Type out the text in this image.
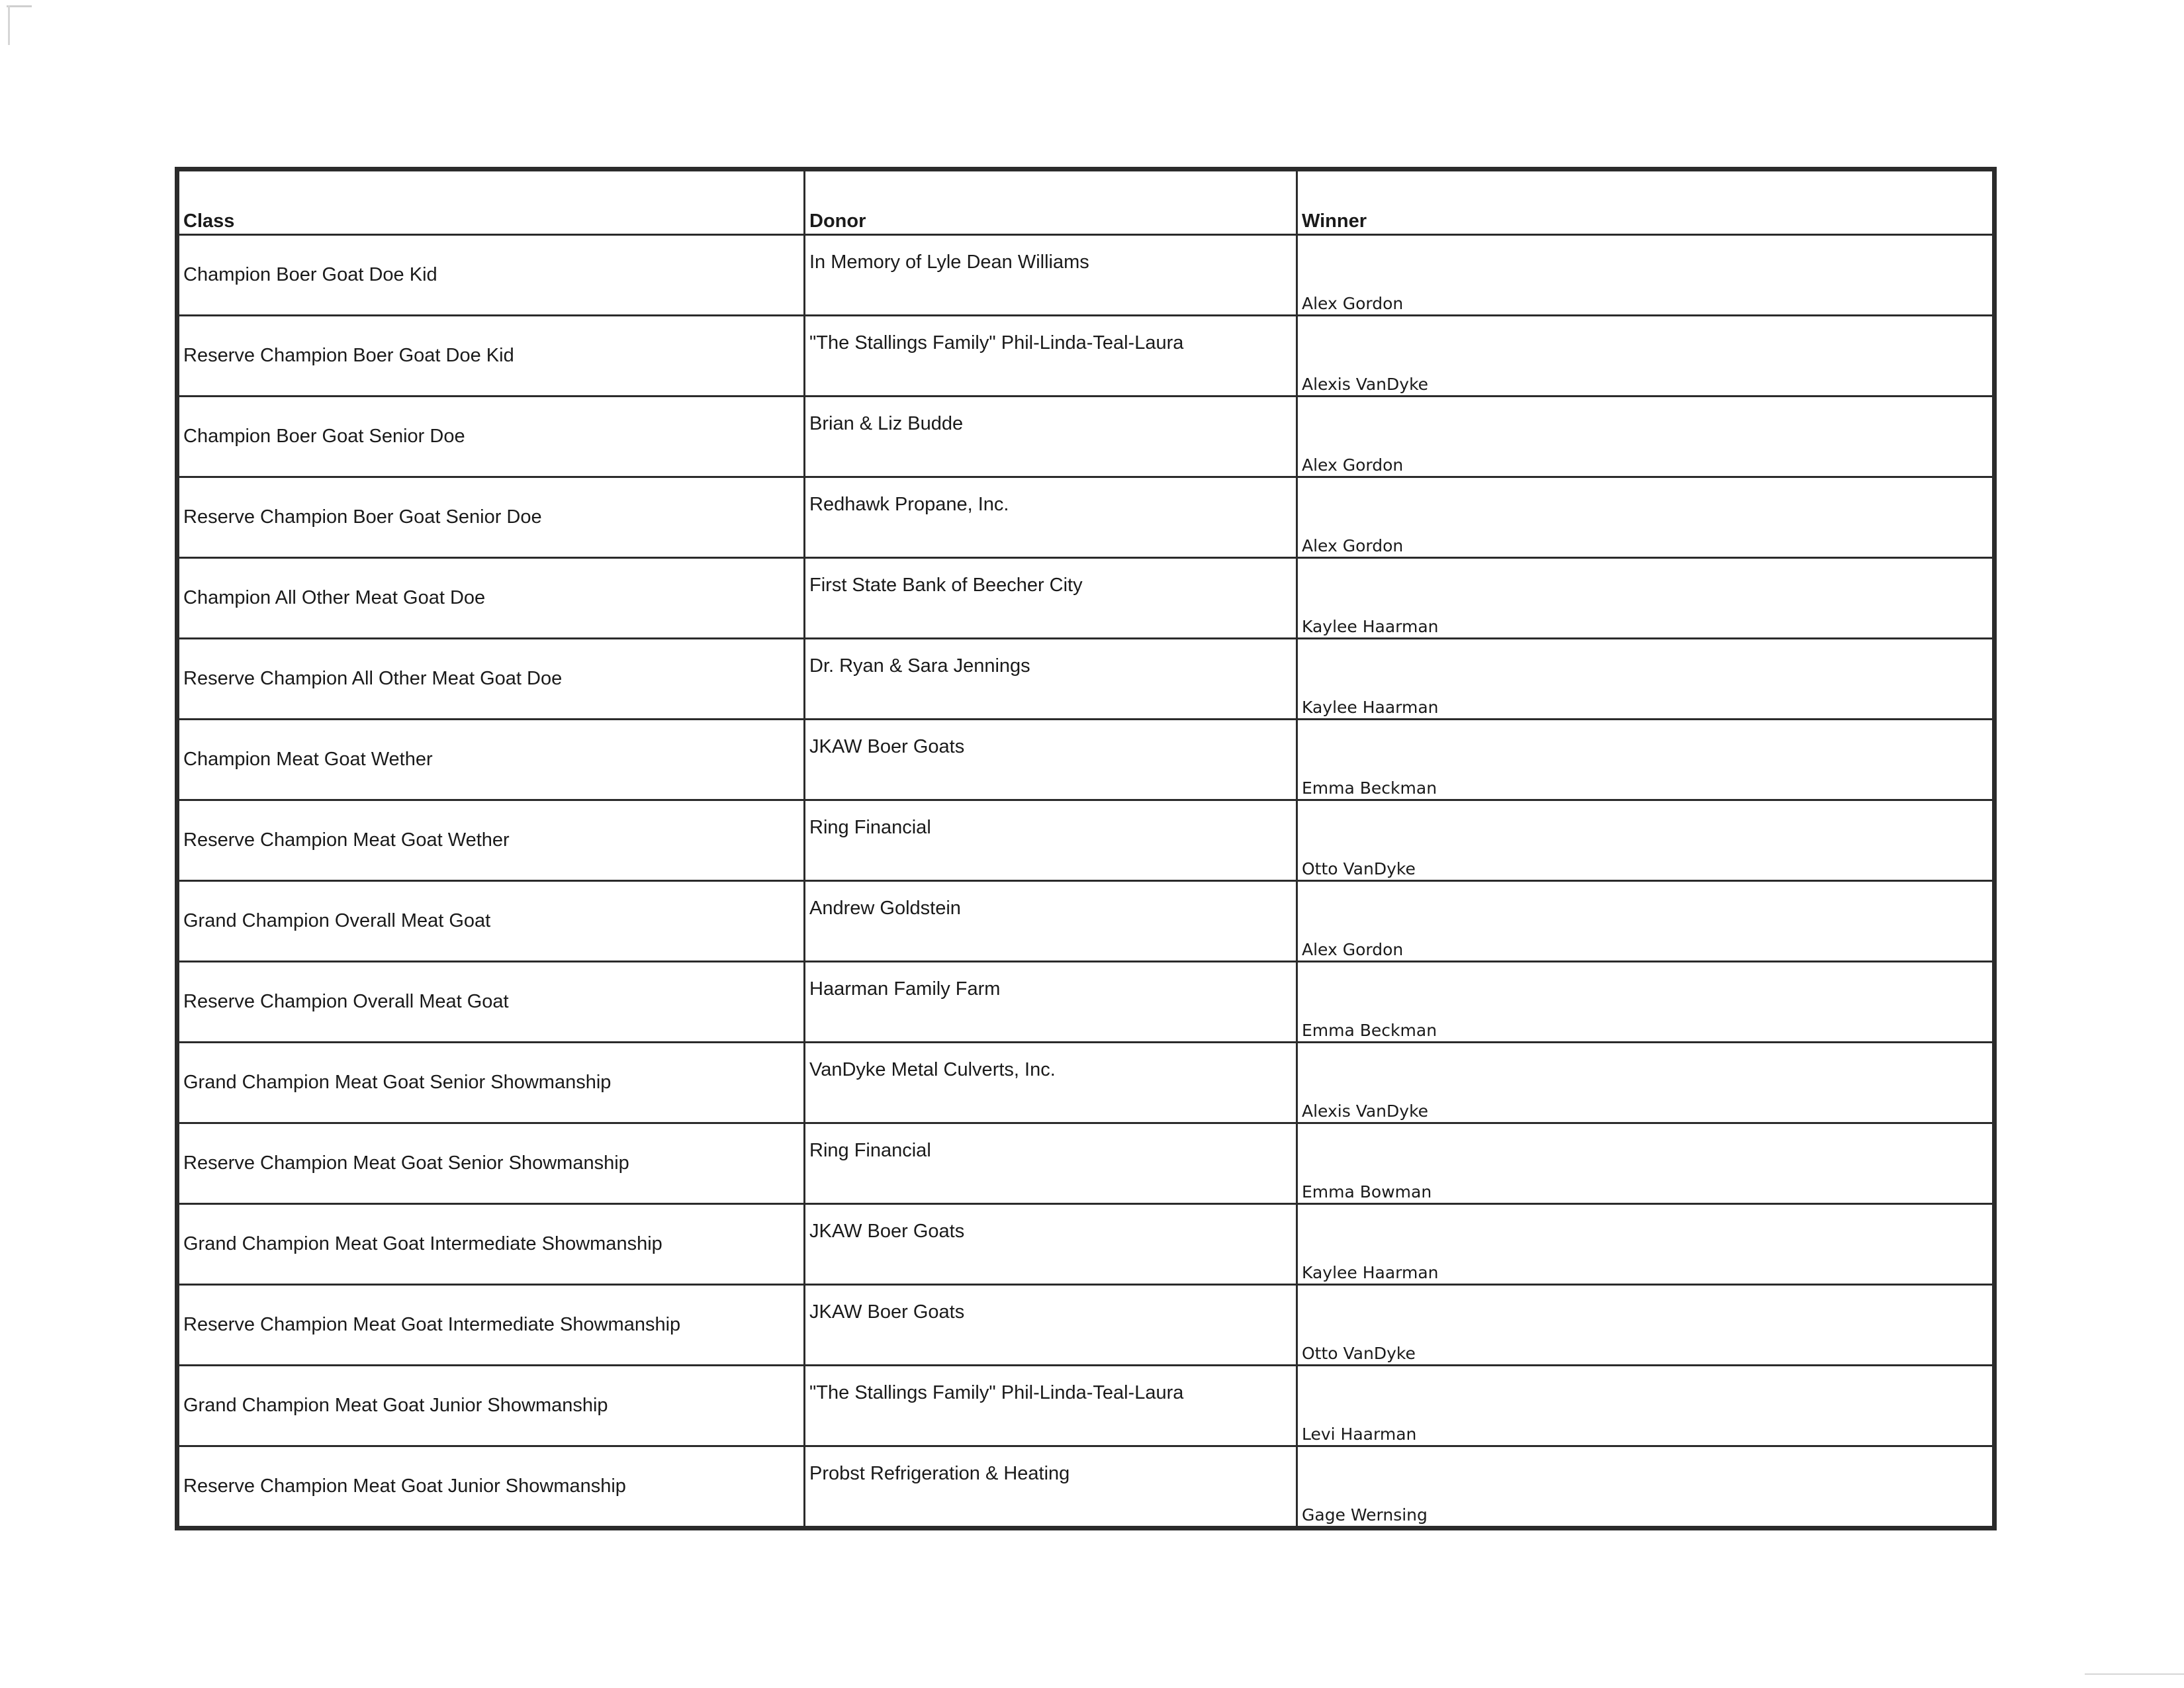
Class	Donor	Winner
Champion Boer Goat Doe Kid	In Memory of Lyle Dean Williams	Alex Gordon
Reserve Champion Boer Goat Doe Kid	"The Stallings Family" Phil-Linda-Teal-Laura	Alexis VanDyke
Champion Boer Goat Senior Doe	Brian & Liz Budde	Alex Gordon
Reserve Champion Boer Goat Senior Doe	Redhawk Propane, Inc.	Alex Gordon
Champion All Other Meat Goat Doe	First State Bank of Beecher City	Kaylee Haarman
Reserve Champion All Other Meat Goat Doe	Dr. Ryan & Sara Jennings	Kaylee Haarman
Champion Meat Goat Wether	JKAW Boer Goats	Emma Beckman
Reserve Champion Meat Goat Wether	Ring Financial	Otto VanDyke
Grand Champion Overall Meat Goat	Andrew Goldstein	Alex Gordon
Reserve Champion Overall Meat Goat	Haarman Family Farm	Emma Beckman
Grand Champion Meat Goat Senior Showmanship	VanDyke Metal Culverts, Inc.	Alexis VanDyke
Reserve Champion Meat Goat Senior Showmanship	Ring Financial	Emma Bowman
Grand Champion Meat Goat Intermediate Showmanship	JKAW Boer Goats	Kaylee Haarman
Reserve Champion Meat Goat Intermediate Showmanship	JKAW Boer Goats	Otto VanDyke
Grand Champion Meat Goat Junior Showmanship	"The Stallings Family" Phil-Linda-Teal-Laura	Levi Haarman
Reserve Champion Meat Goat Junior Showmanship	Probst Refrigeration & Heating	Gage Wernsing
